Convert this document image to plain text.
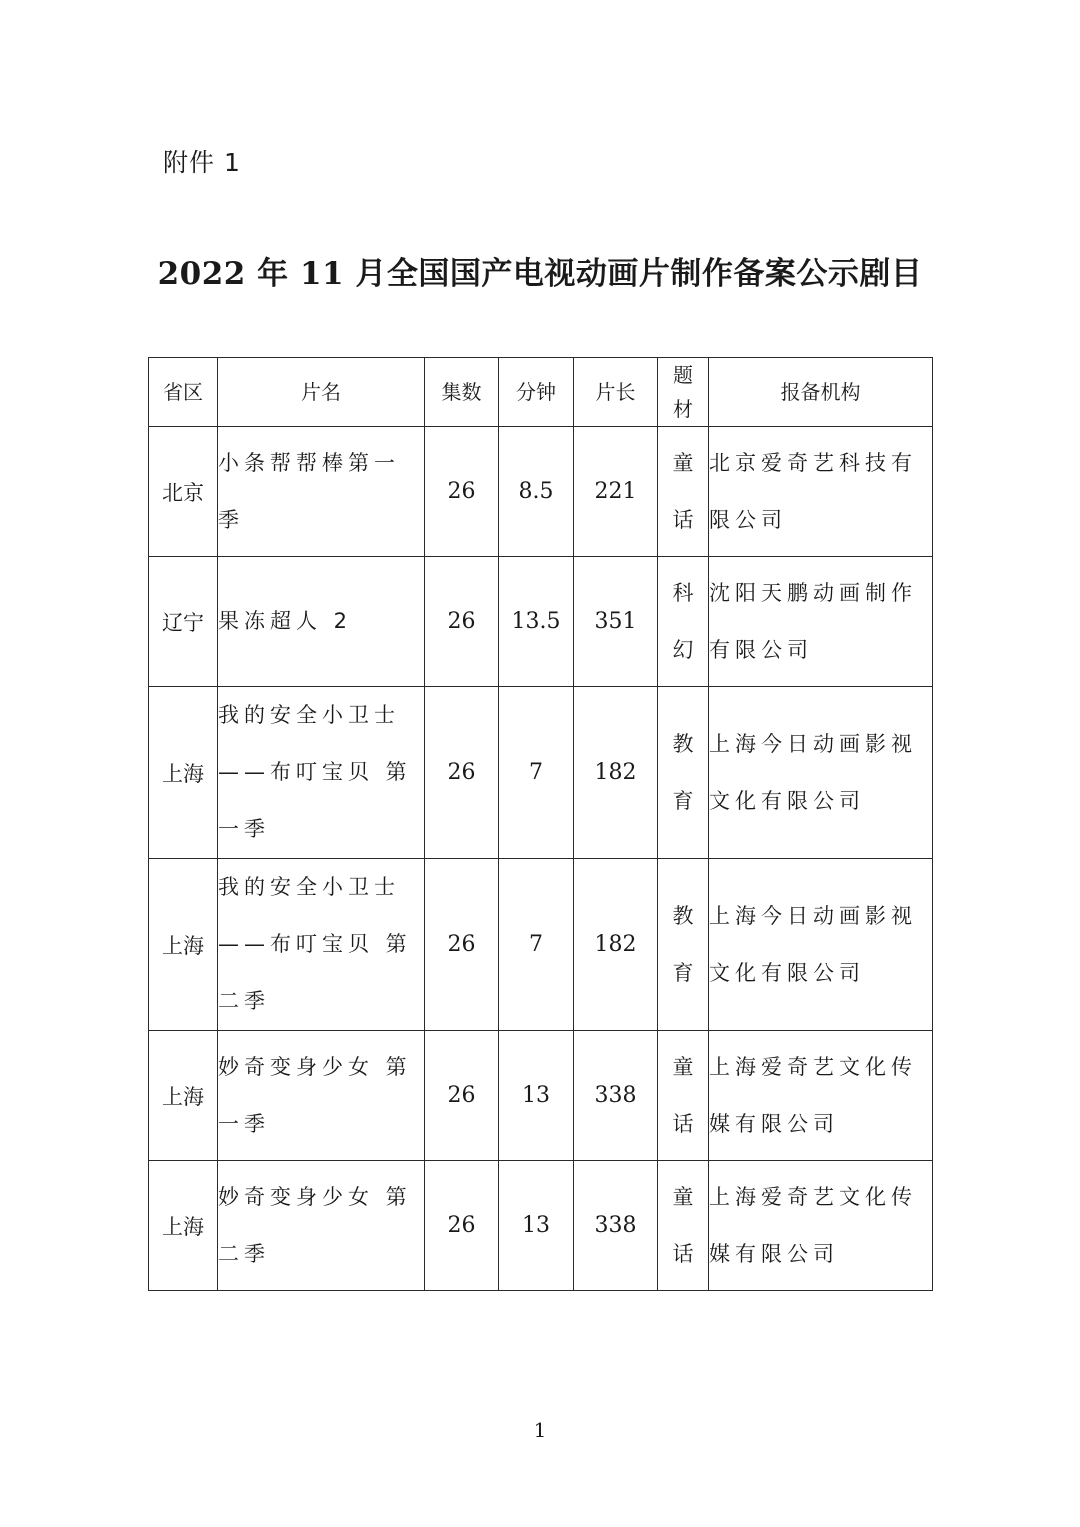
附件 1
2022 年 11 月全国国产电视动画片制作备案公示剧目
省区	片名	集数	分钟	片长	题材	报备机构
北京	小条帮帮棒第一季	26	8.5	221	童话	北京爱奇艺科技有限公司
辽宁	果冻超人 2	26	13.5	351	科幻	沈阳天鹏动画制作有限公司
上海	我的安全小卫士——布叮宝贝 第一季	26	7	182	教育	上海今日动画影视文化有限公司
上海	我的安全小卫士——布叮宝贝 第二季	26	7	182	教育	上海今日动画影视文化有限公司
上海	妙奇变身少女 第一季	26	13	338	童话	上海爱奇艺文化传媒有限公司
上海	妙奇变身少女 第二季	26	13	338	童话	上海爱奇艺文化传媒有限公司
1
